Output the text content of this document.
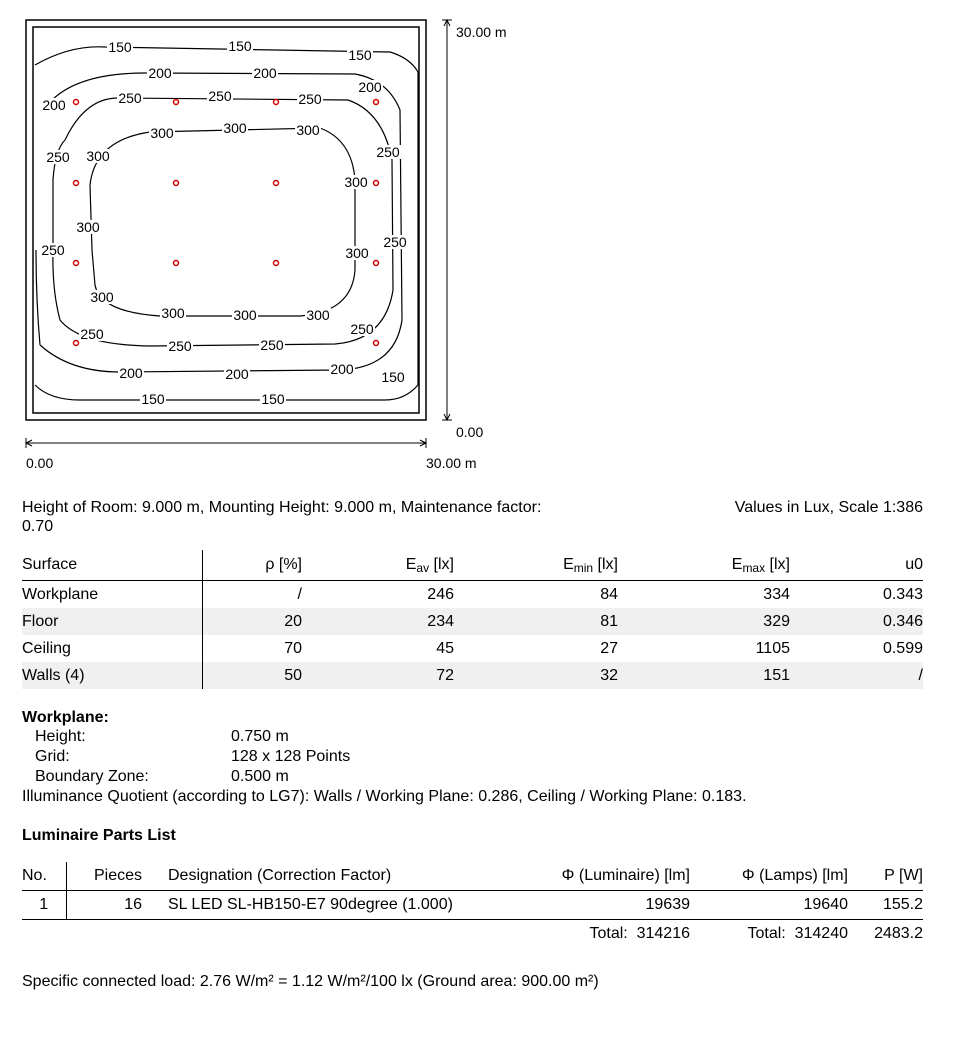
150	150
150
200	200
200
200	250	250	250
300	300	300
250 300	250
300
300
250	300
250
300
300	300	300
250
250	250
250
200	200	200 150
150	150
30.00 m
0.00
0.00	30.00 m
Height of Room: 9.000 m, Mounting Height: 9.000 m, Maintenance factor:
0.70
Values in Lux, Scale 1:386
Surface	ρ [%]	$E_{av}$ [lx]	$E_{min}$ [lx]	$E_{max}$ [lx]	u0
Workplane	/	246	84	334	0.343
Floor	20	234	81	329	0.346
Ceiling	70	45	27	1105	0.599
Walls (4)	50	72	32	151	/
Workplane:
Height:	0.750 m
Grid:	128 x 128 Points
Boundary Zone:	0.500 m
Illuminance Quotient (according to LG7): Walls / Working Plane: 0.286, Ceiling / Working Plane: 0.183.
Luminaire Parts List
No.	Pieces	Designation (Correction Factor)	Φ (Luminaire) [lm]	Φ (Lamps) [lm]	P [W]
1	16	SL LED SL-HB150-E7 90degree (1.000)	19639	19640	155.2
			Total: 314216	Total: 314240	2483.2
Specific connected load: 2.76 W/m² = 1.12 W/m²/100 lx (Ground area: 900.00 m²)
